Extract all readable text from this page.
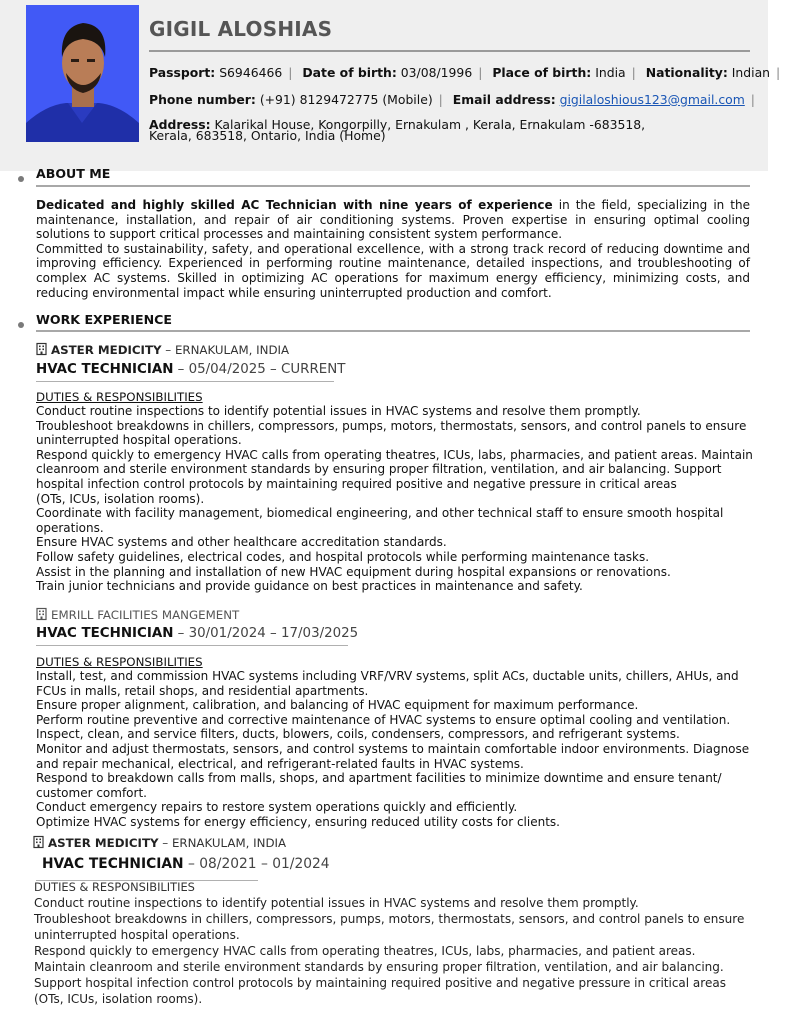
GIGIL ALOSHIAS
Passport: S6946466 | Date of birth: 03/08/1996 | Place of birth: India | Nationality: Indian |
Phone number: (+91) 8129472775 (Mobile) | Email address: gigilaloshious123@gmail.com |
Address: Kalarikal House, Kongorpilly, Ernakulam , Kerala, Ernakulam -683518,
Kerala, 683518, Ontario, India (Home)
ABOUT ME

Dedicated and highly skilled AC Technician with nine years of experience in the field, specializing in the maintenance, installation, and repair of air conditioning systems. Proven expertise in ensuring optimal cooling solutions to support critical processes and maintaining consistent system performance.

Committed to sustainability, safety, and operational excellence, with a strong track record of reducing downtime and improving efficiency. Experienced in performing routine maintenance, detailed inspections, and troubleshooting of complex AC systems. Skilled in optimizing AC operations for maximum energy efficiency, minimizing costs, and reducing environmental impact while ensuring uninterrupted production and comfort.

WORK EXPERIENCE
ASTER MEDICITY – ERNAKULAM, INDIA
HVAC TECHNICIAN – 05/04/2025 – CURRENT
DUTIES & RESPONSIBILITIES
Conduct routine inspections to identify potential issues in HVAC systems and resolve them promptly.
Troubleshoot breakdowns in chillers, compressors, pumps, motors, thermostats, sensors, and control panels to ensure uninterrupted hospital operations.
Respond quickly to emergency HVAC calls from operating theatres, ICUs, labs, pharmacies, and patient areas. Maintain cleanroom and sterile environment standards by ensuring proper filtration, ventilation, and air balancing. Support hospital infection control protocols by maintaining required positive and negative pressure in critical areas
(OTs, ICUs, isolation rooms).
Coordinate with facility management, biomedical engineering, and other technical staff to ensure smooth hospital operations.
Ensure HVAC systems and other healthcare accreditation standards.
Follow safety guidelines, electrical codes, and hospital protocols while performing maintenance tasks.
Assist in the planning and installation of new HVAC equipment during hospital expansions or renovations.
Train junior technicians and provide guidance on best practices in maintenance and safety.
EMRILL FACILITIES MANGEMENT
HVAC TECHNICIAN – 30/01/2024 – 17/03/2025
DUTIES & RESPONSIBILITIES
Install, test, and commission HVAC systems including VRF/VRV systems, split ACs, ductable units, chillers, AHUs, and FCUs in malls, retail shops, and residential apartments.
Ensure proper alignment, calibration, and balancing of HVAC equipment for maximum performance.
Perform routine preventive and corrective maintenance of HVAC systems to ensure optimal cooling and ventilation.
Inspect, clean, and service filters, ducts, blowers, coils, condensers, compressors, and refrigerant systems.
Monitor and adjust thermostats, sensors, and control systems to maintain comfortable indoor environments. Diagnose and repair mechanical, electrical, and refrigerant-related faults in HVAC systems.
Respond to breakdown calls from malls, shops, and apartment facilities to minimize downtime and ensure tenant/ customer comfort.
Conduct emergency repairs to restore system operations quickly and efficiently.
Optimize HVAC systems for energy efficiency, ensuring reduced utility costs for clients.
ASTER MEDICITY – ERNAKULAM, INDIA
HVAC TECHNICIAN – 08/2021 – 01/2024
DUTIES & RESPONSIBILITIES
Conduct routine inspections to identify potential issues in HVAC systems and resolve them promptly.
Troubleshoot breakdowns in chillers, compressors, pumps, motors, thermostats, sensors, and control panels to ensure uninterrupted hospital operations.
Respond quickly to emergency HVAC calls from operating theatres, ICUs, labs, pharmacies, and patient areas. Maintain cleanroom and sterile environment standards by ensuring proper filtration, ventilation, and air balancing. Support hospital infection control protocols by maintaining required positive and negative pressure in critical areas
(OTs, ICUs, isolation rooms).
